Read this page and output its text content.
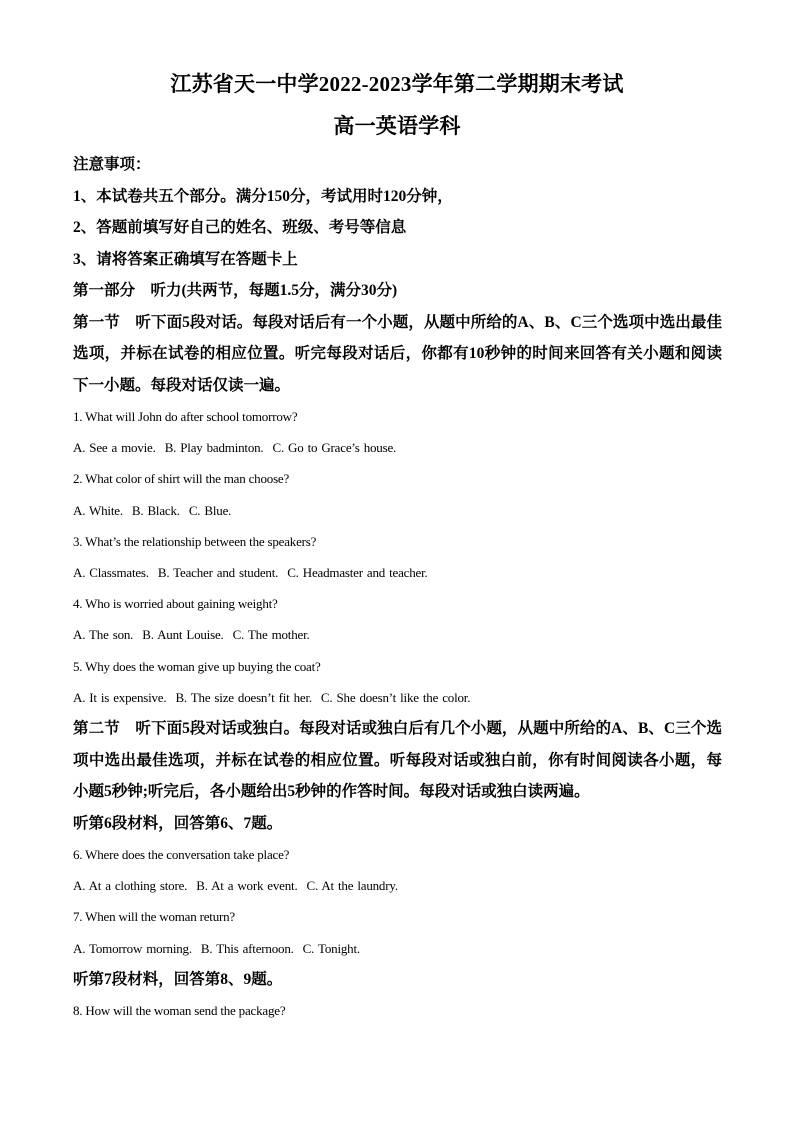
江苏省天一中学2022-2023学年第二学期期末考试
高一英语学科

注意事项：

1、本试卷共五个部分。满分150分，考试用时120分钟，

2、答题前填写好自己的姓名、班级、考号等信息

3、请将答案正确填写在答题卡上

第一部分　听力(共两节，每题1.5分，满分30分)

第一节　听下面5段对话。每段对话后有一个小题，从题中所给的A、B、C三个选项中选出最佳选项，并标在试卷的相应位置。听完每段对话后，你都有10秒钟的时间来回答有关小题和阅读下一小题。每段对话仅读一遍。

1. What will John do after school tomorrow?

A. See a movie. B. Play badminton. C. Go to Grace’s house.

2. What color of shirt will the man choose?

A. White. B. Black. C. Blue.

3. What’s the relationship between the speakers?

A. Classmates. B. Teacher and student. C. Headmaster and teacher.

4. Who is worried about gaining weight?

A. The son. B. Aunt Louise. C. The mother.

5. Why does the woman give up buying the coat?

A. It is expensive. B. The size doesn’t fit her. C. She doesn’t like the color.

第二节　听下面5段对话或独白。每段对话或独白后有几个小题，从题中所给的A、B、C三个选项中选出最佳选项，并标在试卷的相应位置。听每段对话或独白前，你有时间阅读各小题，每小题5秒钟;听完后，各小题给出5秒钟的作答时间。每段对话或独白读两遍。

听第6段材料，回答第6、7题。

6. Where does the conversation take place?

A. At a clothing store. B. At a work event. C. At the laundry.

7. When will the woman return?

A. Tomorrow morning. B. This afternoon. C. Tonight.

听第7段材料，回答第8、9题。

8. How will the woman send the package?
